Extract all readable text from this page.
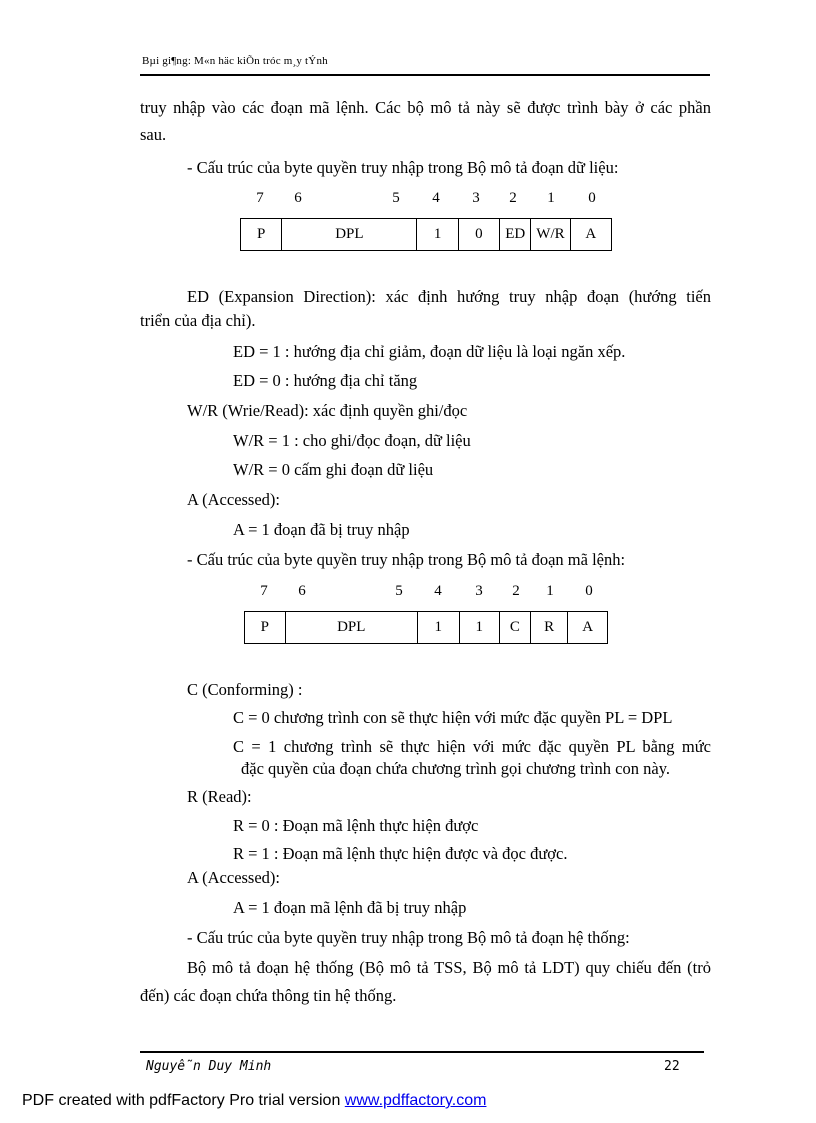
Bµi gi¶ng: M«n häc kiÕn tróc m¸y tÝnh
truy nhập vào các đoạn mã lệnh. Các bộ mô tả này sẽ được trình bày ở các phần
sau.
- Cấu trúc của byte quyền truy nhập trong Bộ mô tả đoạn dữ liệu:
7	6	5	4	3	2	1	0
P	DPL	1	0	ED	W/R	A
ED (Expansion Direction): xác định hướng truy nhập đoạn (hướng tiến
triển của địa chỉ).
ED = 1 : hướng địa chỉ giảm, đoạn dữ liệu là loại ngăn xếp.
ED = 0 : hướng địa chỉ tăng
W/R (Wrie/Read): xác định quyền ghi/đọc
W/R = 1 : cho ghi/đọc đoạn, dữ liệu
W/R = 0 cấm ghi đoạn dữ liệu
A (Accessed):
A = 1 đoạn đã bị truy nhập
- Cấu trúc của byte quyền truy nhập trong Bộ mô tả đoạn mã lệnh:
7	6	5	4	3	2	1	0
P	DPL	1	1	C	R	A
C (Conforming) :
C = 0 chương trình con sẽ thực hiện với mức đặc quyền PL = DPL
C = 1 chương trình sẽ thực hiện với mức đặc quyền PL bằng mức
đặc quyền của đoạn chứa chương trình gọi chương trình con này.
R (Read):
R = 0 : Đoạn mã lệnh thực hiện được
R = 1 : Đoạn mã lệnh thực hiện được và đọc được.
A (Accessed):
A = 1 đoạn mã lệnh đã bị truy nhập
- Cấu trúc của byte quyền truy nhập trong Bộ mô tả đoạn hệ thống:
Bộ mô tả đoạn hệ thống (Bộ mô tả TSS, Bộ mô tả LDT) quy chiếu đến (trỏ
đến) các đoạn chứa thông tin hệ thống.
Nguyễn Duy Minh	22
PDF created with pdfFactory Pro trial version www.pdffactory.com
